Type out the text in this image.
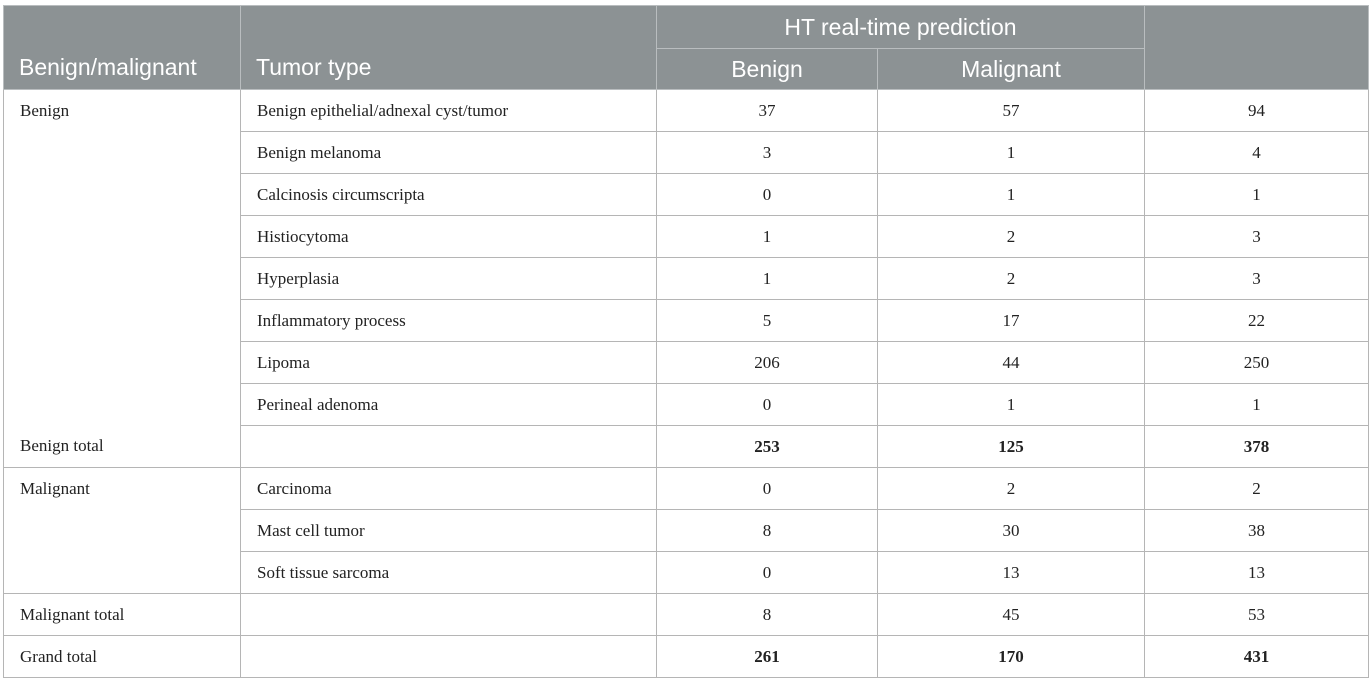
Benign/malignant	Tumor type	HT real-time prediction		
		Benign	Malignant	
Benign	Benign epithelial/adnexal cyst/tumor	37	57	94
	Benign melanoma	3	1	4
	Calcinosis circumscripta	0	1	1
	Histiocytoma	1	2	3
	Hyperplasia	1	2	3
	Inflammatory process	5	17	22
	Lipoma	206	44	250
	Perineal adenoma	0	1	1
Benign total		253	125	378
Malignant	Carcinoma	0	2	2
	Mast cell tumor	8	30	38
	Soft tissue sarcoma	0	13	13
Malignant total		8	45	53
Grand total		261	170	431
